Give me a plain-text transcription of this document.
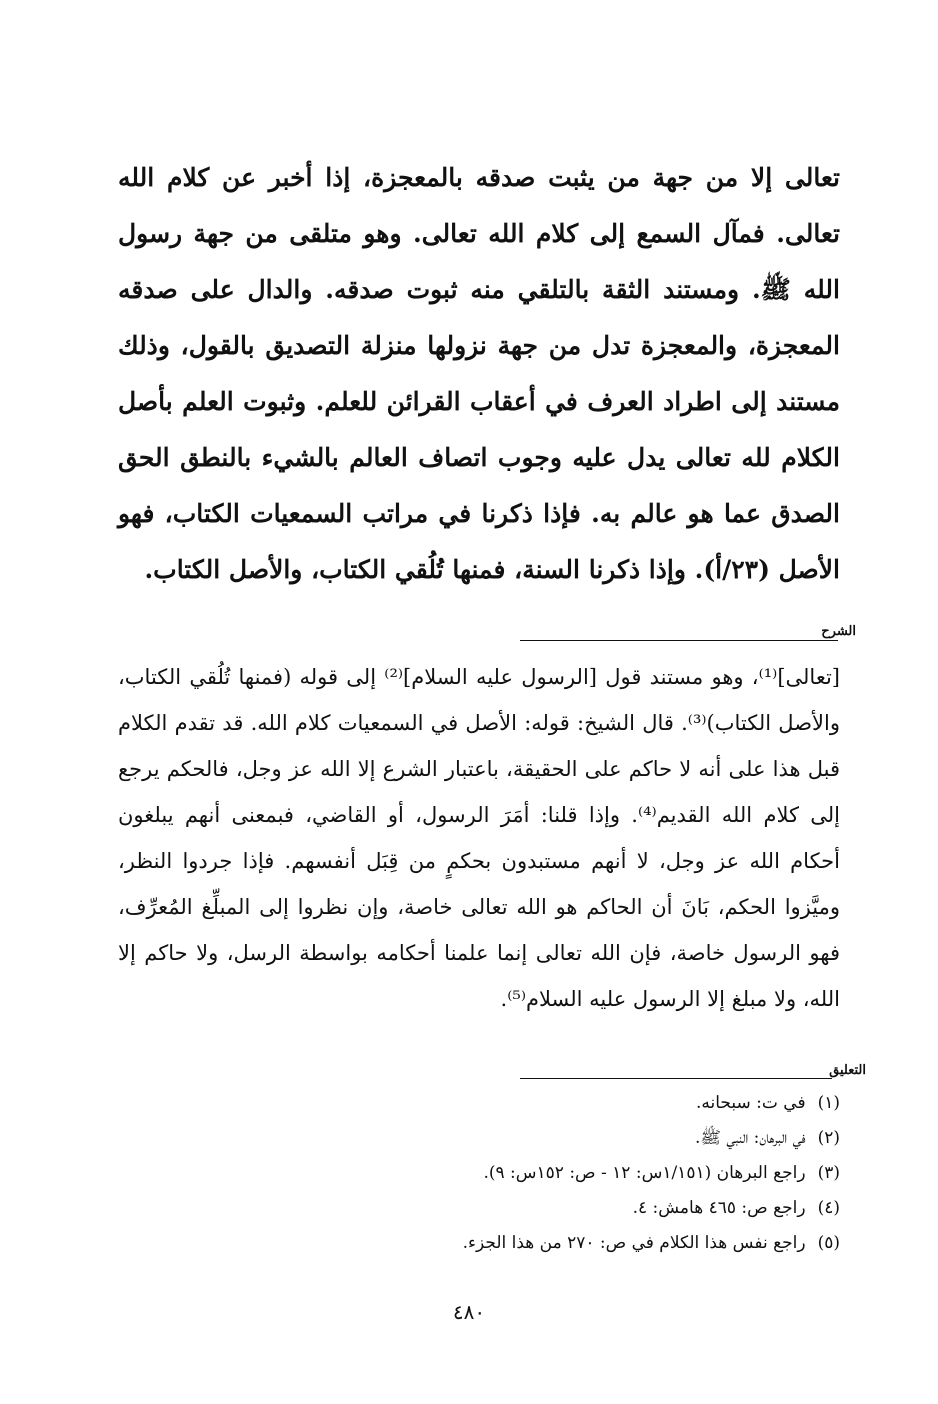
تعالى إلا من جهة من يثبت صدقه بالمعجزة، إذا أخبر عن كلام الله تعالى. فمآل السمع إلى كلام الله تعالى. وهو متلقى من جهة رسول الله ﷺ. ومستند الثقة بالتلقي منه ثبوت صدقه. والدال على صدقه المعجزة، والمعجزة تدل من جهة نزولها منزلة التصديق بالقول، وذلك مستند إلى اطراد العرف في أعقاب القرائن للعلم. وثبوت العلم بأصل الكلام لله تعالى يدل عليه وجوب اتصاف العالم بالشيء بالنطق الحق الصدق عما هو عالم به. فإذا ذكرنا في مراتب السمعيات الكتاب، فهو الأصل (٢٣/أ). وإذا ذكرنا السنة، فمنها تُلُقي الكتاب، والأصل الكتاب.

الشرح

[تعالى]⁽¹⁾، وهو مستند قول [الرسول عليه السلام]⁽²⁾ إلى قوله (فمنها تُلُقي الكتاب، والأصل الكتاب)⁽³⁾. قال الشيخ: قوله: الأصل في السمعيات كلام الله. قد تقدم الكلام قبل هذا على أنه لا حاكم على الحقيقة، باعتبار الشرع إلا الله عز وجل، فالحكم يرجع إلى كلام الله القديم⁽⁴⁾. وإذا قلنا: أمَرَ الرسول، أو القاضي، فبمعنى أنهم يبلغون أحكام الله عز وجل، لا أنهم مستبدون بحكمٍ من قِبَل أنفسهم. فإذا جردوا النظر، وميَّزوا الحكم، بَانَ أن الحاكم هو الله تعالى خاصة، وإن نظروا إلى المبلِّغ المُعرِّف، فهو الرسول خاصة، فإن الله تعالى إنما علمنا أحكامه بواسطة الرسل، ولا حاكم إلا الله، ولا مبلغ إلا الرسول عليه السلام⁽⁵⁾.

التعليق
(١)في ت: سبحانه.
(٢)في البرهان: النبي ﷺ.
(٣)راجع البرهان (١/١٥١س: ١٢ - ص: ١٥٢س: ٩).
(٤)راجع ص: ٤٦٥ هامش: ٤.
(٥)راجع نفس هذا الكلام في ص: ٢٧٠ من هذا الجزء.
٤٨٠
